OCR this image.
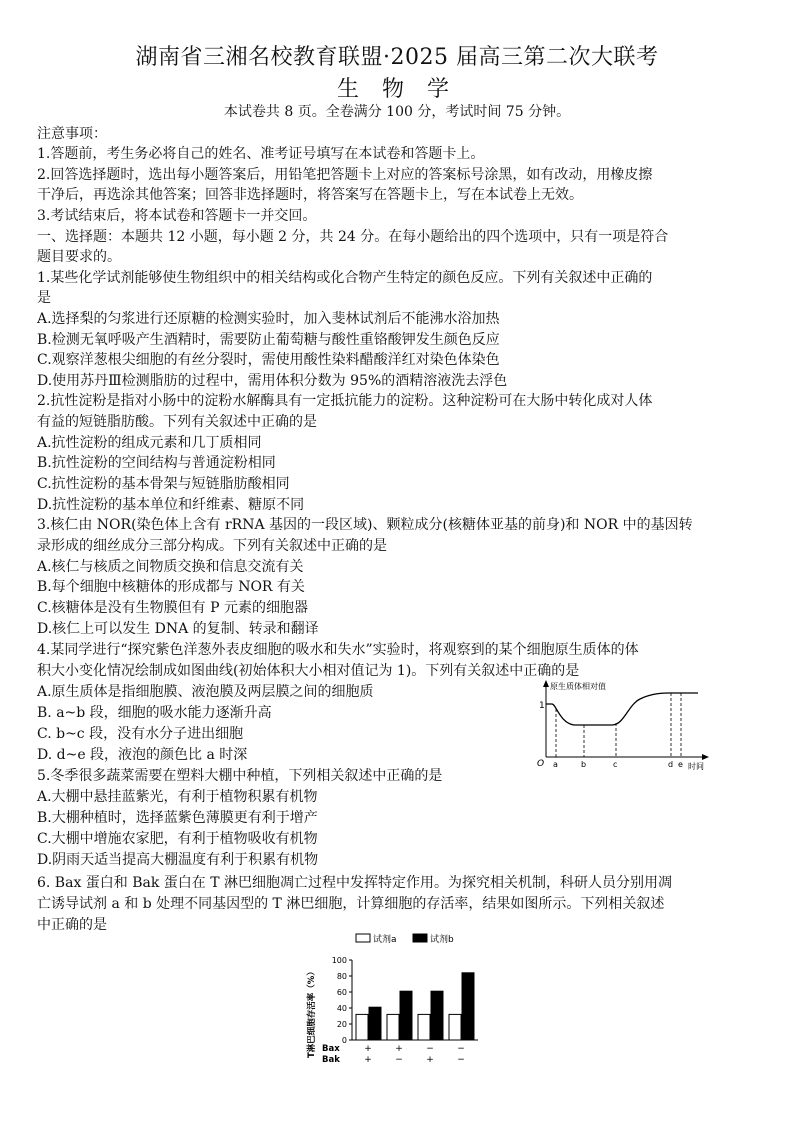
湖南省三湘名校教育联盟·2025 届高三第二次大联考
生 物 学
本试卷共 8 页。全卷满分 100 分，考试时间 75 分钟。
注意事项：
1.答题前，考生务必将自己的姓名、准考证号填写在本试卷和答题卡上。
2.回答选择题时，选出每小题答案后，用铅笔把答题卡上对应的答案标号涂黑，如有改动，用橡皮擦
干净后，再选涂其他答案；回答非选择题时，将答案写在答题卡上，写在本试卷上无效。
3.考试结束后，将本试卷和答题卡一并交回。
一、选择题：本题共 12 小题，每小题 2 分，共 24 分。在每小题给出的四个选项中，只有一项是符合
题目要求的。
1.某些化学试剂能够使生物组织中的相关结构或化合物产生特定的颜色反应。下列有关叙述中正确的
是
A.选择梨的匀浆进行还原糖的检测实验时，加入斐林试剂后不能沸水浴加热
B.检测无氧呼吸产生酒精时，需要防止葡萄糖与酸性重铬酸钾发生颜色反应
C.观察洋葱根尖细胞的有丝分裂时，需使用酸性染料醋酸洋红对染色体染色
D.使用苏丹Ⅲ检测脂肪的过程中，需用体积分数为 95%的酒精溶液洗去浮色
2.抗性淀粉是指对小肠中的淀粉水解酶具有一定抵抗能力的淀粉。这种淀粉可在大肠中转化成对人体
有益的短链脂肪酸。下列有关叙述中正确的是
A.抗性淀粉的组成元素和几丁质相同
B.抗性淀粉的空间结构与普通淀粉相同
C.抗性淀粉的基本骨架与短链脂肪酸相同
D.抗性淀粉的基本单位和纤维素、糖原不同
3.核仁由 NOR(染色体上含有 rRNA 基因的一段区域)、颗粒成分(核糖体亚基的前身)和 NOR 中的基因转
录形成的细丝成分三部分构成。下列有关叙述中正确的是
A.核仁与核质之间物质交换和信息交流有关
B.每个细胞中核糖体的形成都与 NOR 有关
C.核糖体是没有生物膜但有 P 元素的细胞器
D.核仁上可以发生 DNA 的复制、转录和翻译
4.某同学进行“探究紫色洋葱外表皮细胞的吸水和失水”实验时，将观察到的某个细胞原生质体的体
积大小变化情况绘制成如图曲线(初始体积大小相对值记为 1)。下列有关叙述中正确的是
A.原生质体是指细胞膜、液泡膜及两层膜之间的细胞质
B. a~b 段，细胞的吸水能力逐渐升高
C. b~c 段，没有水分子进出细胞
D. d~e 段，液泡的颜色比 a 时深
原生质体相对值
1
O a	b	c	d e 时间
5.冬季很多蔬菜需要在塑料大棚中种植，下列相关叙述中正确的是
A.大棚中悬挂蓝紫光，有利于植物积累有机物
B.大棚种植时，选择蓝紫色薄膜更有利于增产
C.大棚中增施农家肥，有利于植物吸收有机物
D.阴雨天适当提高大棚温度有利于积累有机物
6. Bax 蛋白和 Bak 蛋白在 T 淋巴细胞凋亡过程中发挥特定作用。为探究相关机制，科研人员分别用凋
亡诱导试剂 a 和 b 处理不同基因型的 T 淋巴细胞，计算细胞的存活率，结果如图所示。下列相关叙述
中正确的是
试剂a	试剂b
T淋巴细胞存活率（%）	0
20
40
60
80
100
+
+
+
−
−
+
−
−
Bax
Bak
